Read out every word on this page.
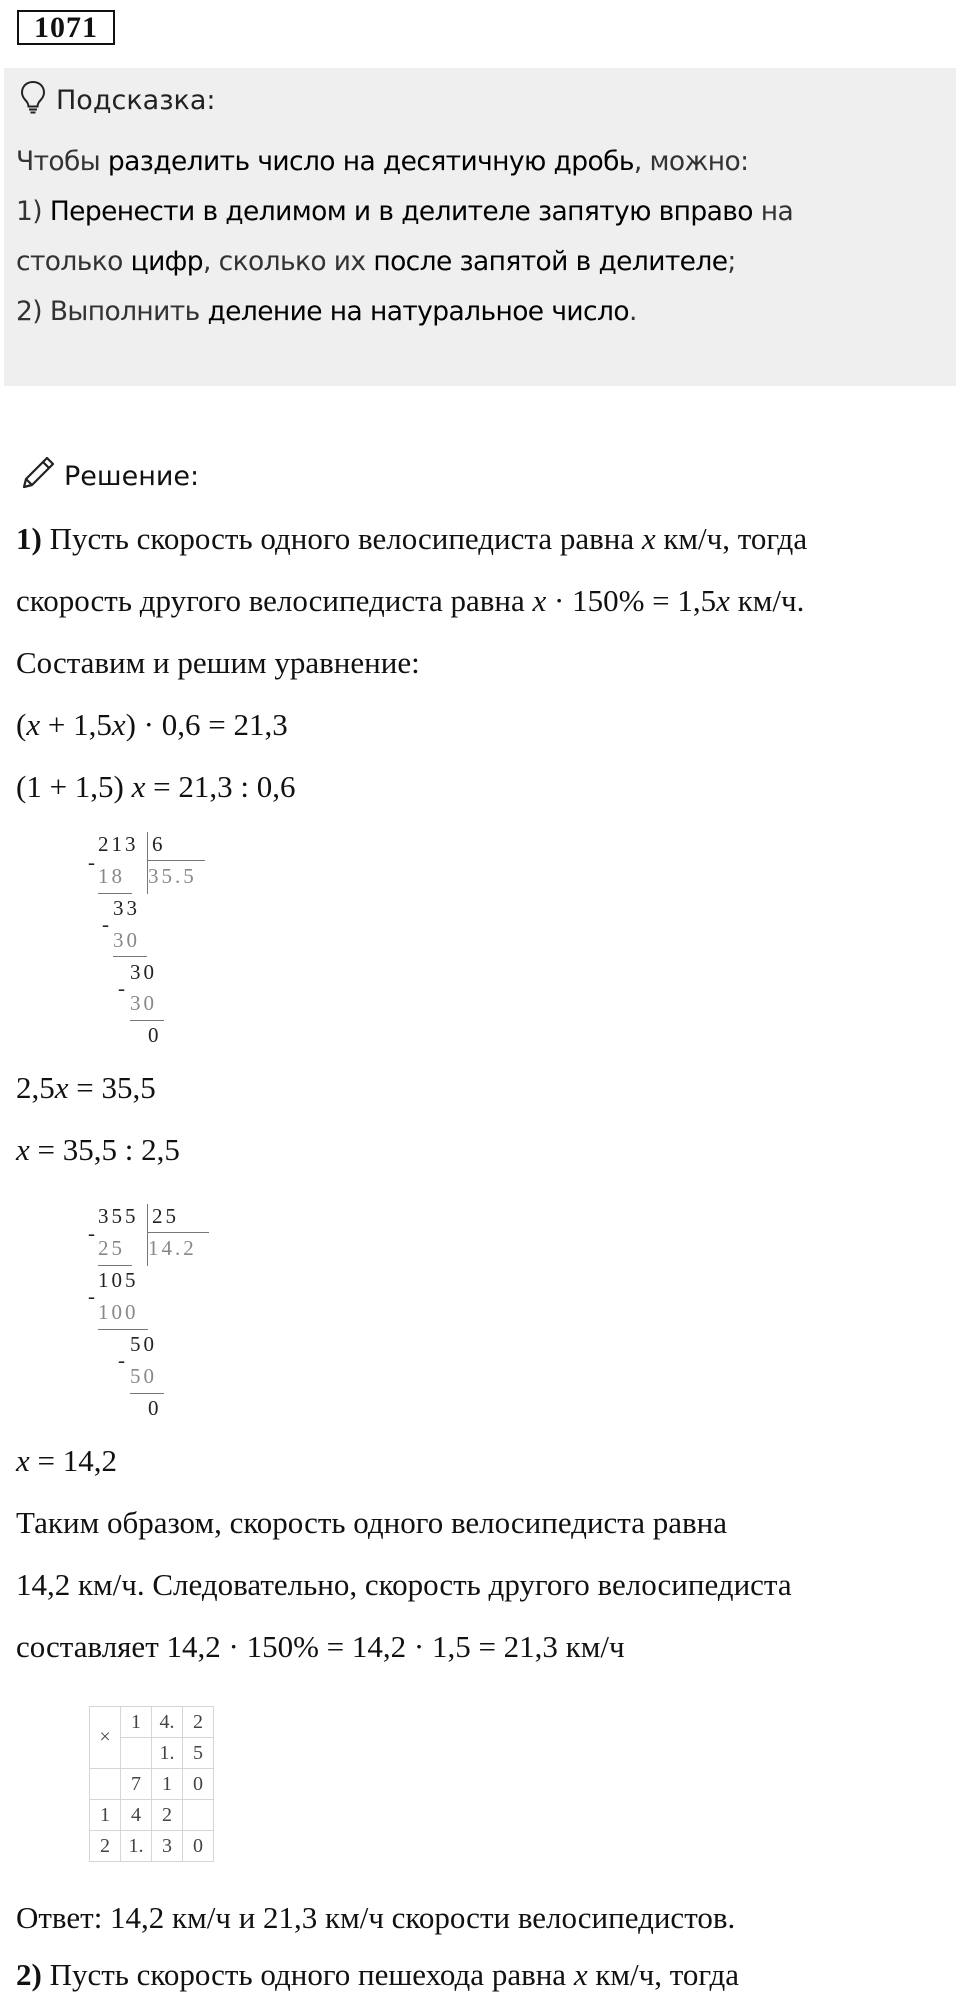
1071
Подсказка:
Чтобы разделить число на десятичную дробь, можно:
1) Перенести в делимом и в делителе запятую вправо на
столько цифр, сколько их после запятой в делителе;
2) Выполнить деление на натуральное число.
Решение:
1) Пусть скорость одного велосипедиста равна x км/ч, тогда
скорость другого велосипедиста равна x · 150% = 1,5x км/ч.
Составим и решим уравнение:
(x + 1,5x) · 0,6 = 21,3
(1 + 1,5) x = 21,3 : 0,6
213 6
-
18 35.5
33
-
30
30
-
30
0
2,5x = 35,5
x = 35,5 : 2,5
355 25
-
25 14.2
105
-
100
50
-
50
0
x = 14,2
Таким образом, скорость одного велосипедиста равна
14,2 км/ч. Следовательно, скорость другого велосипедиста
составляет 14,2 · 150% = 14,2 · 1,5 = 21,3 км/ч
×	1	4.	2
		1.	5
	7	1	0
1	4	2	
2	1.	3	0
Ответ: 14,2 км/ч и 21,3 км/ч скорости велосипедистов.
2) Пусть скорость одного пешехода равна x км/ч, тогда
